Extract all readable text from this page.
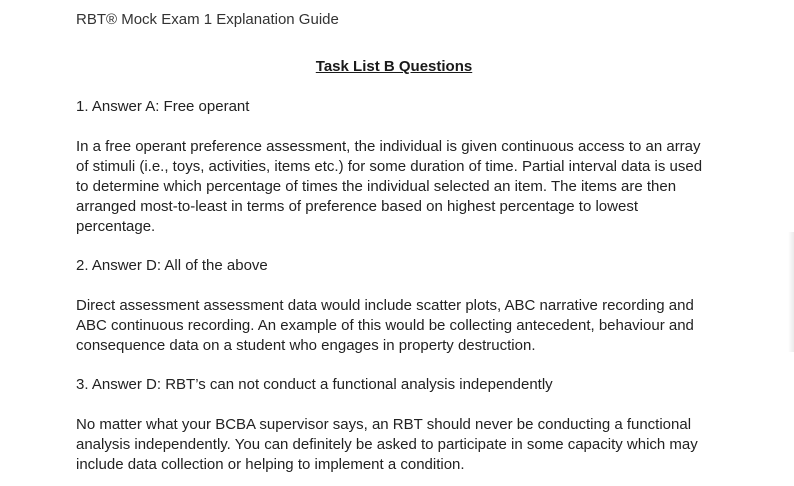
RBT® Mock Exam 1 Explanation Guide
Task List B Questions
1. Answer A: Free operant
In a free operant preference assessment, the individual is given continuous access to an array
of stimuli (i.e., toys, activities, items etc.) for some duration of time. Partial interval data is used
to determine which percentage of times the individual selected an item. The items are then
arranged most-to-least in terms of preference based on highest percentage to lowest
percentage.
2. Answer D: All of the above
Direct assessment assessment data would include scatter plots, ABC narrative recording and
ABC continuous recording. An example of this would be collecting antecedent, behaviour and
consequence data on a student who engages in property destruction.
3. Answer D: RBT’s can not conduct a functional analysis independently
No matter what your BCBA supervisor says, an RBT should never be conducting a functional
analysis independently. You can definitely be asked to participate in some capacity which may
include data collection or helping to implement a condition.
